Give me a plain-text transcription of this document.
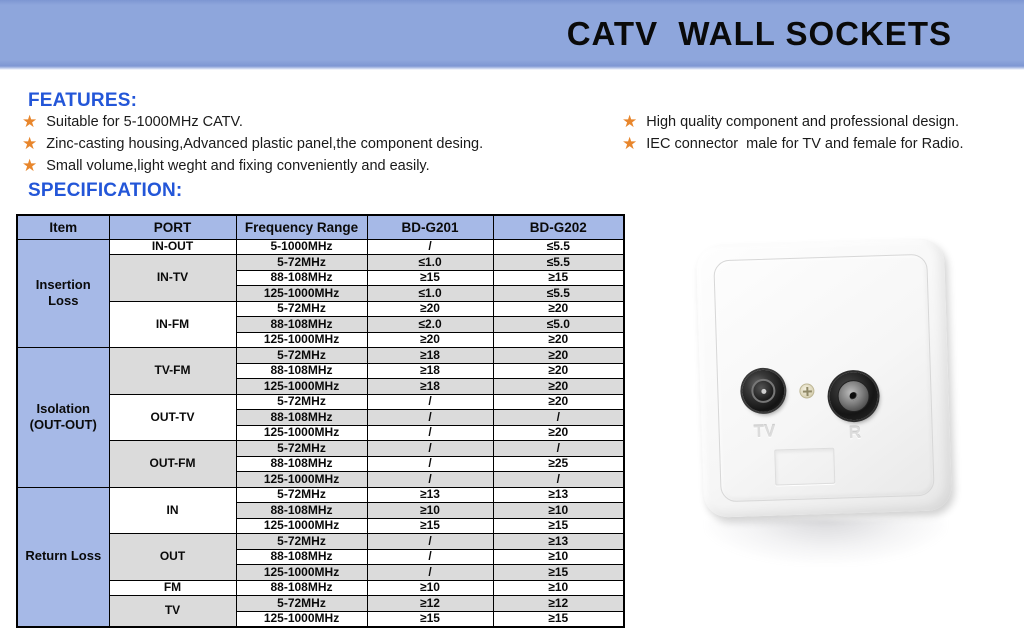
CATV  WALL SOCKETS
FEATURES:
★ Suitable for 5-1000MHz CATV.
★ Zinc-casting housing,Advanced plastic panel,the component desing.
★ Small volume,light weght and fixing conveniently and easily.
★ High quality component and professional design.
★ IEC connector  male for TV and female for Radio.
SPECIFICATION:
Item	PORT	Frequency Range	BD-G201	BD-G202
Insertion Loss	IN-OUT	5-1000MHz	/	≤5.5
	IN-TV	5-72MHz	≤1.0	≤5.5
		88-108MHz	≥15	≥15
		125-1000MHz	≤1.0	≤5.5
	IN-FM	5-72MHz	≥20	≥20
		88-108MHz	≤2.0	≤5.0
		125-1000MHz	≥20	≥20
Isolation (OUT-OUT)	TV-FM	5-72MHz	≥18	≥20
		88-108MHz	≥18	≥20
		125-1000MHz	≥18	≥20
	OUT-TV	5-72MHz	/	≥20
		88-108MHz	/	/
		125-1000MHz	/	≥20
	OUT-FM	5-72MHz	/	/
		88-108MHz	/	≥25
		125-1000MHz	/	/
Return Loss	IN	5-72MHz	≥13	≥13
		88-108MHz	≥10	≥10
		125-1000MHz	≥15	≥15
	OUT	5-72MHz	/	≥13
		88-108MHz	/	≥10
		125-1000MHz	/	≥15
	FM	88-108MHz	≥10	≥10
	TV	5-72MHz	≥12	≥12
		125-1000MHz	≥15	≥15
TV	R
